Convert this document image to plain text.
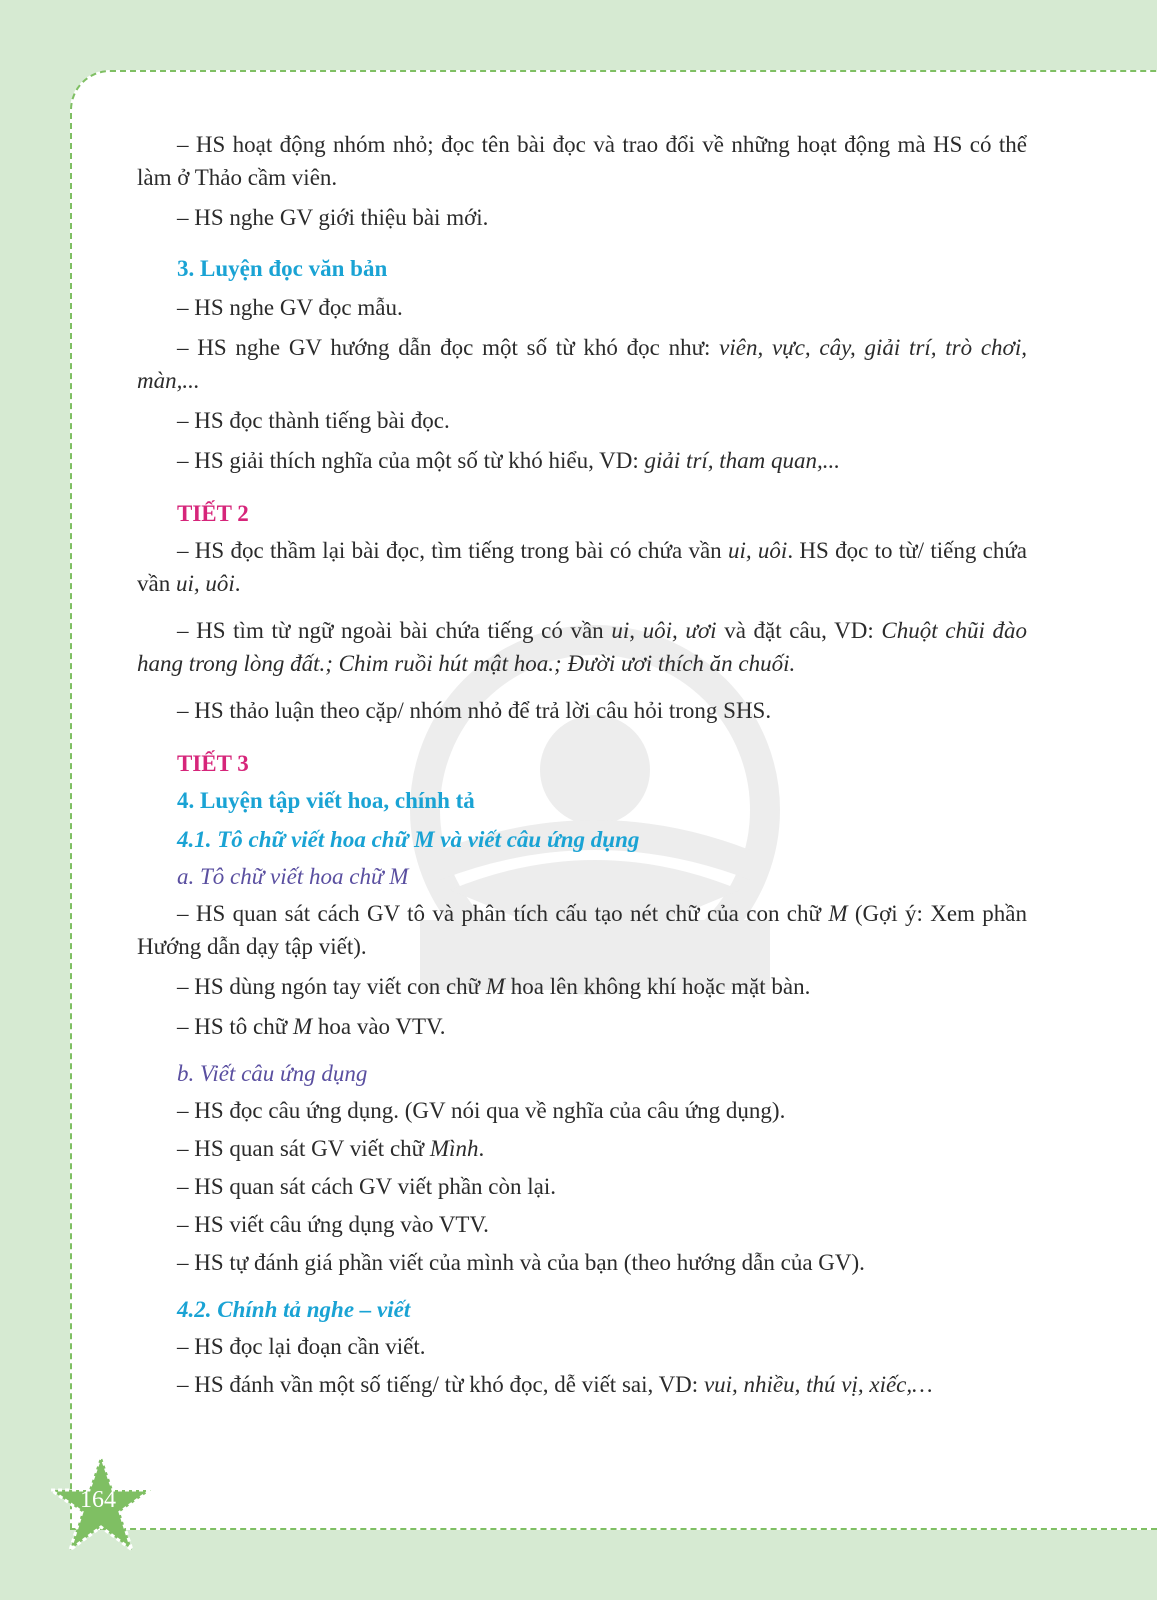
– HS hoạt động nhóm nhỏ; đọc tên bài đọc và trao đổi về những hoạt động mà HS có thể làm ở Thảo cầm viên.

– HS nghe GV giới thiệu bài mới.

3. Luyện đọc văn bản

– HS nghe GV đọc mẫu.

– HS nghe GV hướng dẫn đọc một số từ khó đọc như: viên, vực, cây, giải trí, trò chơi, màn,...

– HS đọc thành tiếng bài đọc.

– HS giải thích nghĩa của một số từ khó hiểu, VD: giải trí, tham quan,...

TIẾT 2

– HS đọc thầm lại bài đọc, tìm tiếng trong bài có chứa vần ui, uôi. HS đọc to từ/ tiếng chứa vần ui, uôi.

– HS tìm từ ngữ ngoài bài chứa tiếng có vần ui, uôi, ươi và đặt câu, VD: Chuột chũi đào hang trong lòng đất.; Chim ruồi hút mật hoa.; Đười ươi thích ăn chuối.

– HS thảo luận theo cặp/ nhóm nhỏ để trả lời câu hỏi trong SHS.

TIẾT 3

4. Luyện tập viết hoa, chính tả

4.1. Tô chữ viết hoa chữ M và viết câu ứng dụng

a. Tô chữ viết hoa chữ M

– HS quan sát cách GV tô và phân tích cấu tạo nét chữ của con chữ M (Gợi ý: Xem phần Hướng dẫn dạy tập viết).

– HS dùng ngón tay viết con chữ M hoa lên không khí hoặc mặt bàn.

– HS tô chữ M hoa vào VTV.

b. Viết câu ứng dụng

– HS đọc câu ứng dụng. (GV nói qua về nghĩa của câu ứng dụng).

– HS quan sát GV viết chữ Mình.

– HS quan sát cách GV viết phần còn lại.

– HS viết câu ứng dụng vào VTV.

– HS tự đánh giá phần viết của mình và của bạn (theo hướng dẫn của GV).

4.2. Chính tả nghe – viết

– HS đọc lại đoạn cần viết.

– HS đánh vần một số tiếng/ từ khó đọc, dễ viết sai, VD: vui, nhiều, thú vị, xiếc,…

164
